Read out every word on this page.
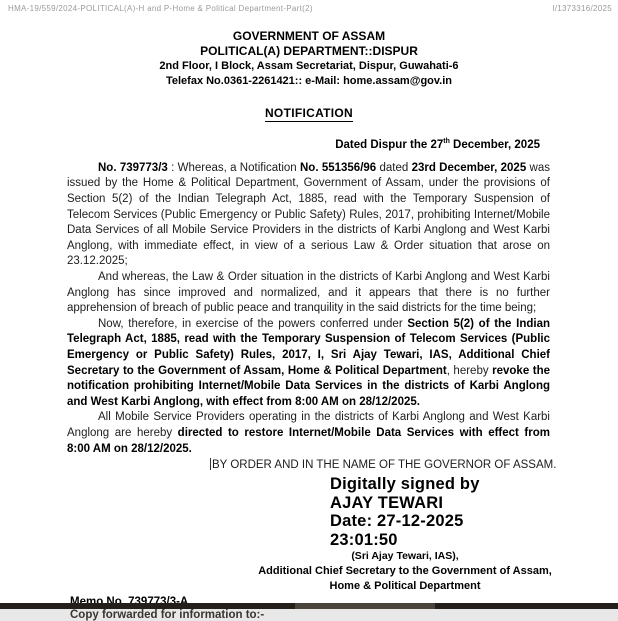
HMA-19/559/2024-POLITICAL(A)-H and P-Home & Political Department-Part(2)	I/1373316/2025
GOVERNMENT OF ASSAM
POLITICAL(A) DEPARTMENT::DISPUR
2nd Floor, I Block, Assam Secretariat, Dispur, Guwahati-6
Telefax No.0361-2261421:: e-Mail: home.assam@gov.in
NOTIFICATION
Dated Dispur the 27th December, 2025

No. 739773/3 : Whereas, a Notification No. 551356/96 dated 23rd December, 2025 was issued by the Home & Political Department, Government of Assam, under the provisions of Section 5(2) of the Indian Telegraph Act, 1885, read with the Temporary Suspension of Telecom Services (Public Emergency or Public Safety) Rules, 2017, prohibiting Internet/Mobile Data Services of all Mobile Service Providers in the districts of Karbi Anglong and West Karbi Anglong, with immediate effect, in view of a serious Law & Order situation that arose on 23.12.2025;

And whereas, the Law & Order situation in the districts of Karbi Anglong and West Karbi Anglong has since improved and normalized, and it appears that there is no further apprehension of breach of public peace and tranquility in the said districts for the time being;

Now, therefore, in exercise of the powers conferred under Section 5(2) of the Indian Telegraph Act, 1885, read with the Temporary Suspension of Telecom Services (Public Emergency or Public Safety) Rules, 2017, I, Sri Ajay Tewari, IAS, Additional Chief Secretary to the Government of Assam, Home & Political Department, hereby revoke the notification prohibiting Internet/Mobile Data Services in the districts of Karbi Anglong and West Karbi Anglong, with effect from 8:00 AM on 28/12/2025.

All Mobile Service Providers operating in the districts of Karbi Anglong and West Karbi Anglong are hereby directed to restore Internet/Mobile Data Services with effect from 8:00 AM on 28/12/2025.

BY ORDER AND IN THE NAME OF THE GOVERNOR OF ASSAM.
Digitally signed by
AJAY TEWARI
Date: 27-12-2025
23:01:50
(Sri Ajay Tewari, IAS),
Additional Chief Secretary to the Government of Assam,
Home & Political Department
Copy forwarded for information to:-
